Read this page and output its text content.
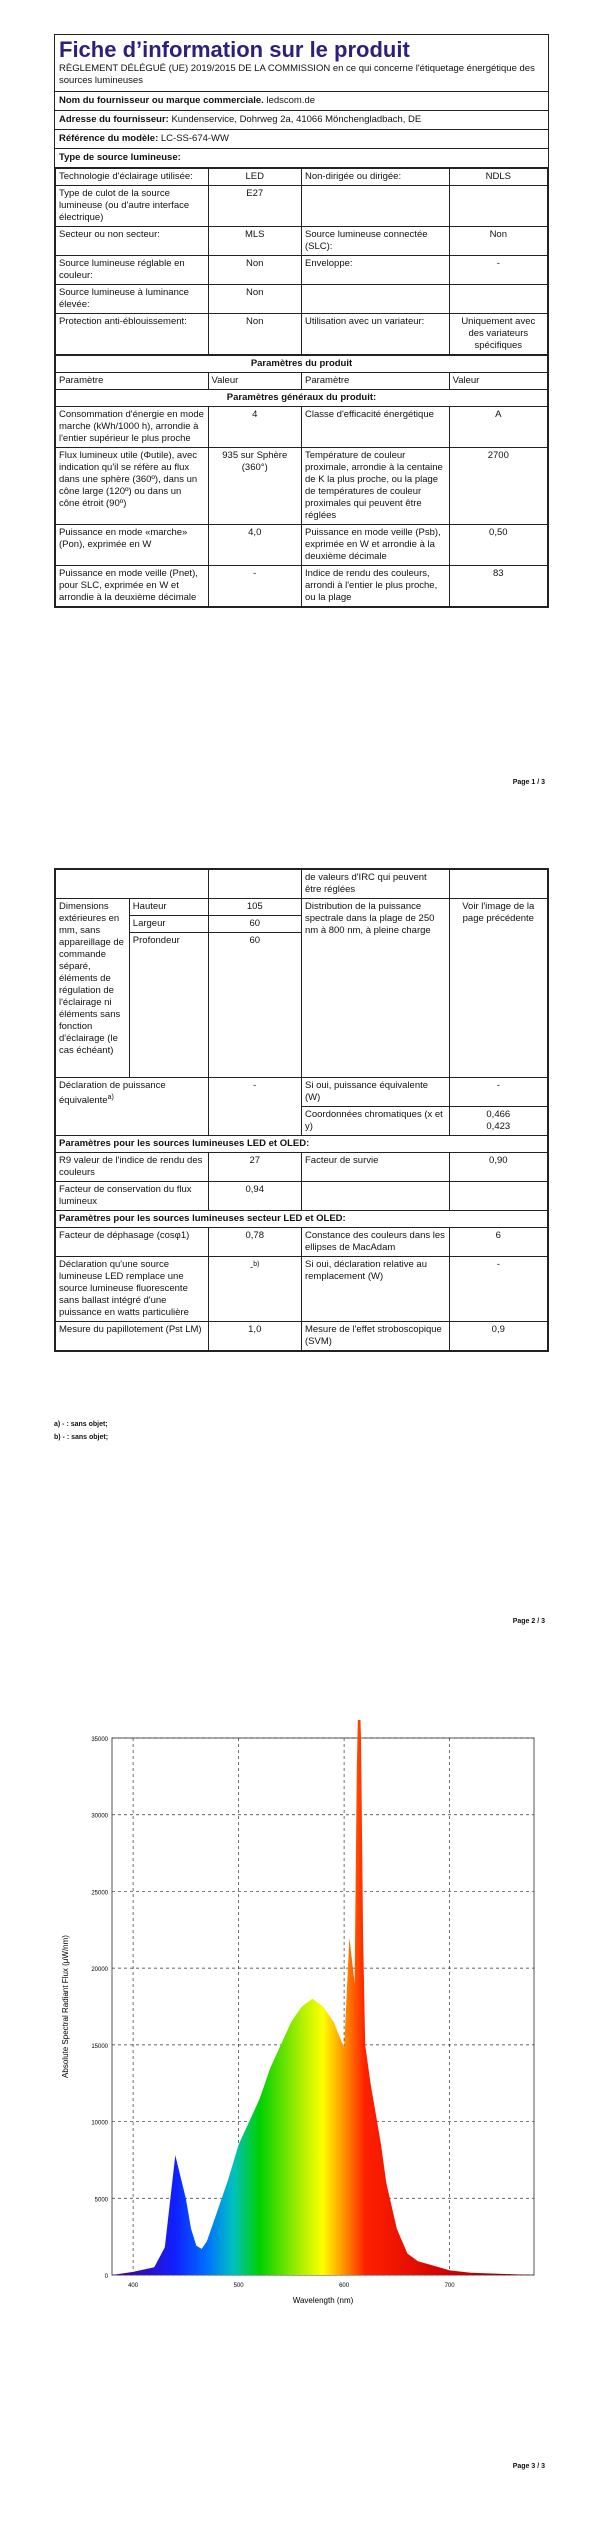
Fiche d’information sur le produit
RÈGLEMENT DÉLÉGUÉ (UE) 2019/2015 DE LA COMMISSION en ce qui concerne l'étiquetage énergétique des sources lumineuses
Nom du fournisseur ou marque commerciale. ledscom.de
Adresse du fournisseur: Kundenservice, Dohrweg 2a, 41066 Mönchengladbach, DE
Référence du modèle: LC-SS-674-WW
Type de source lumineuse:
Technologie d'éclairage utilisée:	LED	Non-dirigée ou dirigée:	NDLS
Type de culot de la source lumineuse (ou d'autre interface électrique)	E27		
Secteur ou non secteur:	MLS	Source lumineuse connectée (SLC):	Non
Source lumineuse réglable en couleur:	Non	Enveloppe:	-
Source lumineuse à luminance élevée:	Non		
Protection anti-éblouissement:	Non	Utilisation avec un variateur:	Uniquement avec des variateurs spécifiques
Paramètres du produit			
Paramètre	Valeur	Paramètre	Valeur
Paramètres généraux du produit:			
Consommation d'énergie en mode marche (kWh/1000 h), arrondie à l'entier supérieur le plus proche	4	Classe d'efficacité énergétique	A
Flux lumineux utile (Φutile), avec indication qu'il se réfère au flux dans une sphère (360º), dans un cône large (120º) ou dans un cône étroit (90º)	935 sur Sphère (360°)	Température de couleur proximale, arrondie à la centaine de K la plus proche, ou la plage de températures de couleur proximales qui peuvent être réglées	2700
Puissance en mode «marche» (Pon), exprimée en W	4,0	Puissance en mode veille (Psb), exprimée en W et arrondie à la deuxième décimale	0,50
Puissance en mode veille (Pnet), pour SLC, exprimée en W et arrondie à la deuxième décimale	-	Indice de rendu des couleurs, arrondi à l'entier le plus proche, ou la plage	83
Page 1 / 3
			de valeurs d'IRC qui peuvent être réglées	
Dimensions extérieures en mm, sans appareillage de commande séparé, éléments de régulation de l'éclairage ni éléments sans fonction d'éclairage (le cas échéant)	Hauteur	105	Distribution de la puissance spectrale dans la plage de 250 nm à 800 nm, à pleine charge	Voir l'image de la page précédente
	Largeur	60		
	Profondeur	60		
Déclaration de puissance équivalente$^{a)}$		-	Si oui, puissance équivalente (W)	-
			Coordonnées chromatiques (x et y)	0,466
0,423
Paramètres pour les sources lumineuses LED et OLED:				
R9 valeur de l'indice de rendu des couleurs		27	Facteur de survie	0,90
Facteur de conservation du flux lumineux		0,94		
Paramètres pour les sources lumineuses secteur LED et OLED:				
Facteur de déphasage (cosφ1)		0,78	Constance des couleurs dans les ellipses de MacAdam	6
Déclaration qu'une source lumineuse LED remplace une source lumineuse fluorescente sans ballast intégré d'une puissance en watts particulière		-$^{b)}$	Si oui, déclaration relative au remplacement (W)	-
Mesure du papillotement (Pst LM)		1,0	Mesure de l'effet stroboscopique (SVM)	0,9
a) - : sans objet;
b) - : sans objet;
Page 2 / 3
0
5000
10000
15000
20000
25000
30000
35000
400	500	600	700
Wavelength (nm)
Absolute Spectral Radiant Flux (μW/nm)
Page 3 / 3
